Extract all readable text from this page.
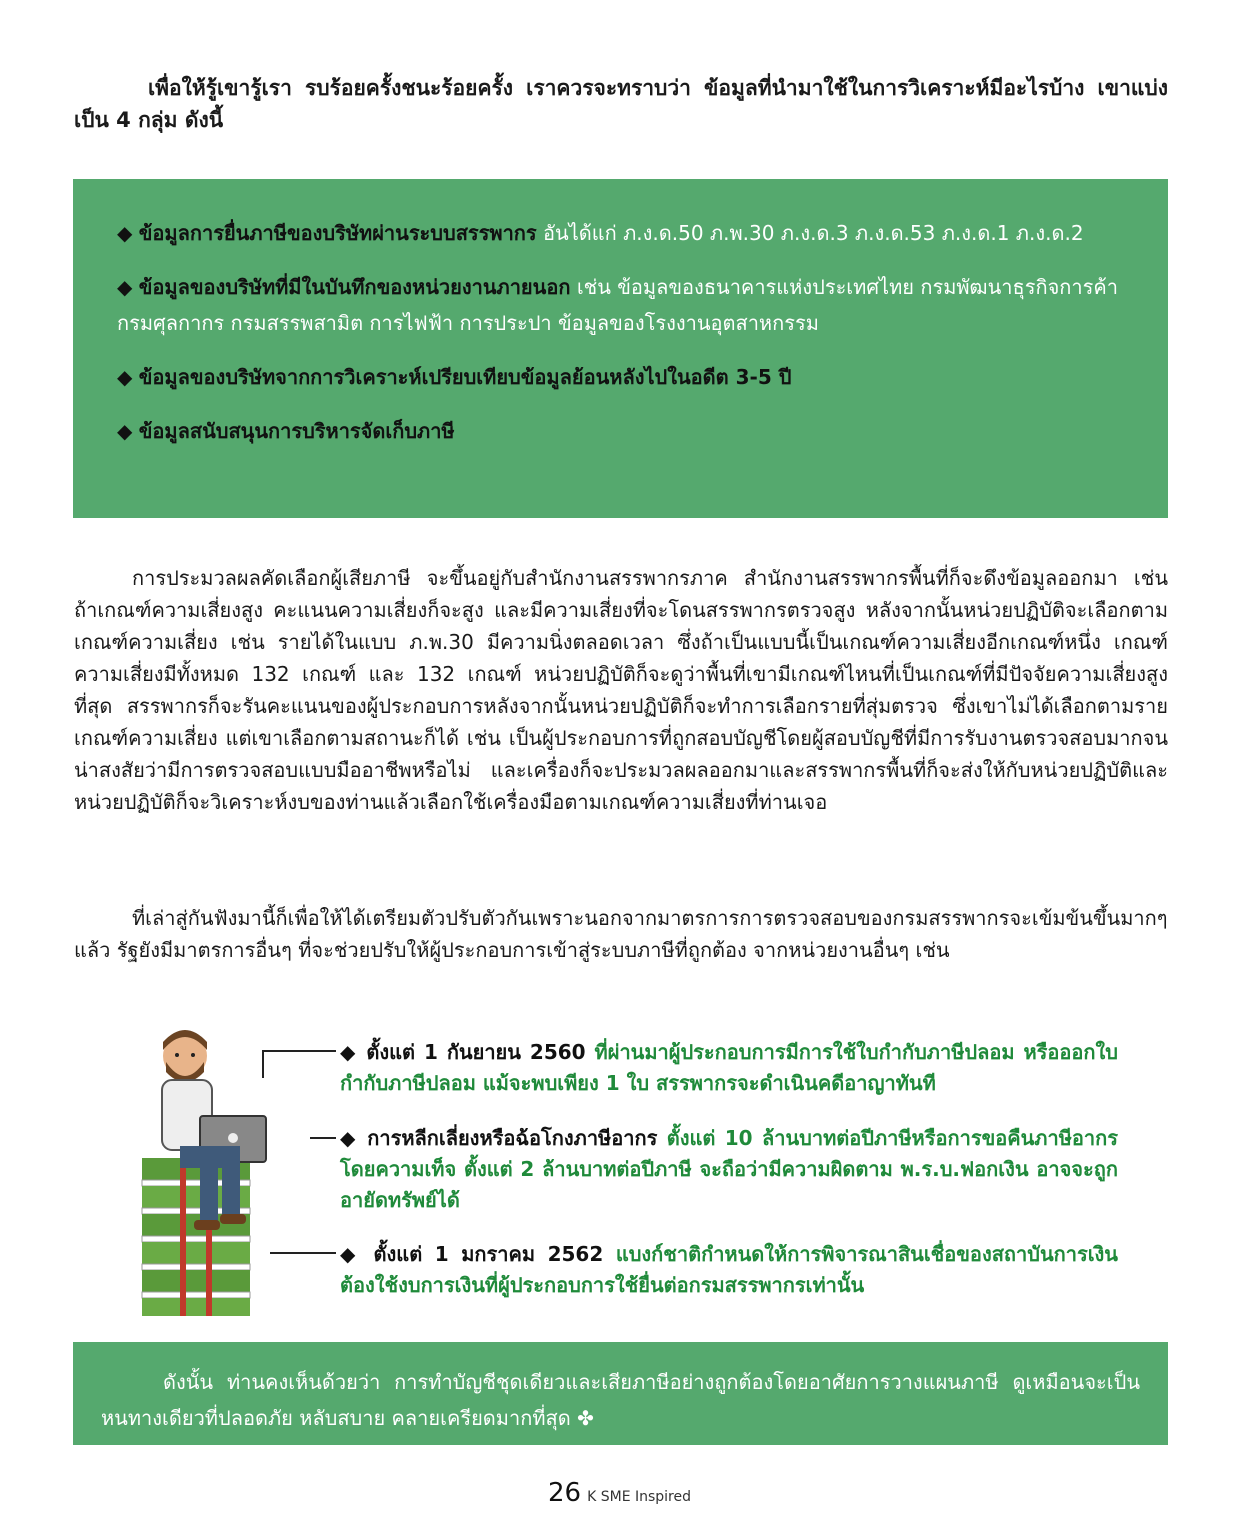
เพื่อให้รู้เขารู้เรา รบร้อยครั้งชนะร้อยครั้ง เราควรจะทราบว่า ข้อมูลที่นำมาใช้ในการวิเคราะห์มีอะไรบ้าง เขาแบ่งเป็น 4 กลุ่ม ดังนี้

◆ ข้อมูลการยื่นภาษีของบริษัทผ่านระบบสรรพากร อันได้แก่ ภ.ง.ด.50 ภ.พ.30 ภ.ง.ด.3 ภ.ง.ด.53 ภ.ง.ด.1 ภ.ง.ด.2

◆ ข้อมูลของบริษัทที่มีในบันทึกของหน่วยงานภายนอก เช่น ข้อมูลของธนาคารแห่งประเทศไทย กรมพัฒนาธุรกิจการค้า กรมศุลกากร กรมสรรพสามิต การไฟฟ้า การประปา ข้อมูลของโรงงานอุตสาหกรรม

◆ ข้อมูลของบริษัทจากการวิเคราะห์เปรียบเทียบข้อมูลย้อนหลังไปในอดีต 3-5 ปี

◆ ข้อมูลสนับสนุนการบริหารจัดเก็บภาษี

การประมวลผลคัดเลือกผู้เสียภาษี จะขึ้นอยู่กับสำนักงานสรรพากรภาค สำนักงานสรรพากรพื้นที่ก็จะดึงข้อมูลออกมา เช่น ถ้าเกณฑ์ความเสี่ยงสูง คะแนนความเสี่ยงก็จะสูง และมีความเสี่ยงที่จะโดนสรรพากรตรวจสูง หลังจากนั้นหน่วยปฏิบัติจะเลือกตามเกณฑ์ความเสี่ยง เช่น รายได้ในแบบ ภ.พ.30 มีความนิ่งตลอดเวลา ซึ่งถ้าเป็นแบบนี้เป็นเกณฑ์ความเสี่ยงอีกเกณฑ์หนึ่ง เกณฑ์ความเสี่ยงมีทั้งหมด 132 เกณฑ์ และ 132 เกณฑ์ หน่วยปฏิบัติก็จะดูว่าพื้นที่เขามีเกณฑ์ไหนที่เป็นเกณฑ์ที่มีปัจจัยความเสี่ยงสูงที่สุด สรรพากรก็จะรันคะแนนของผู้ประกอบการหลังจากนั้นหน่วยปฏิบัติก็จะทำการเลือกรายที่สุ่มตรวจ ซึ่งเขาไม่ได้เลือกตามรายเกณฑ์ความเสี่ยง แต่เขาเลือกตามสถานะก็ได้ เช่น เป็นผู้ประกอบการที่ถูกสอบบัญชีโดยผู้สอบบัญชีที่มีการรับงานตรวจสอบมากจนน่าสงสัยว่ามีการตรวจสอบแบบมืออาชีพหรือไม่ และเครื่องก็จะประมวลผลออกมาและสรรพากรพื้นที่ก็จะส่งให้กับหน่วยปฏิบัติและหน่วยปฏิบัติก็จะวิเคราะห์งบของท่านแล้วเลือกใช้เครื่องมือตามเกณฑ์ความเสี่ยงที่ท่านเจอ

ที่เล่าสู่กันฟังมานี้ก็เพื่อให้ได้เตรียมตัวปรับตัวกันเพราะนอกจากมาตรการการตรวจสอบของกรมสรรพากรจะเข้มข้นขึ้นมากๆ แล้ว รัฐยังมีมาตรการอื่นๆ ที่จะช่วยปรับให้ผู้ประกอบการเข้าสู่ระบบภาษีที่ถูกต้อง จากหน่วยงานอื่นๆ เช่น

◆ ตั้งแต่ 1 กันยายน 2560 ที่ผ่านมาผู้ประกอบการมีการใช้ใบกำกับภาษีปลอม หรือออกใบกำกับภาษีปลอม แม้จะพบเพียง 1 ใบ สรรพากรจะดำเนินคดีอาญาทันที

◆ การหลีกเลี่ยงหรือฉ้อโกงภาษีอากร ตั้งแต่ 10 ล้านบาทต่อปีภาษีหรือการขอคืนภาษีอากรโดยความเท็จ ตั้งแต่ 2 ล้านบาทต่อปีภาษี จะถือว่ามีความผิดตาม พ.ร.บ.ฟอกเงิน อาจจะถูกอายัดทรัพย์ได้

◆ ตั้งแต่ 1 มกราคม 2562 แบงก์ชาติกำหนดให้การพิจารณาสินเชื่อของสถาบันการเงิน ต้องใช้งบการเงินที่ผู้ประกอบการใช้ยื่นต่อกรมสรรพากรเท่านั้น

ดังนั้น ท่านคงเห็นด้วยว่า การทำบัญชีชุดเดียวและเสียภาษีอย่างถูกต้องโดยอาศัยการวางแผนภาษี ดูเหมือนจะเป็นหนทางเดียวที่ปลอดภัย หลับสบาย คลายเครียดมากที่สุด ✤

26 K SME Inspired
